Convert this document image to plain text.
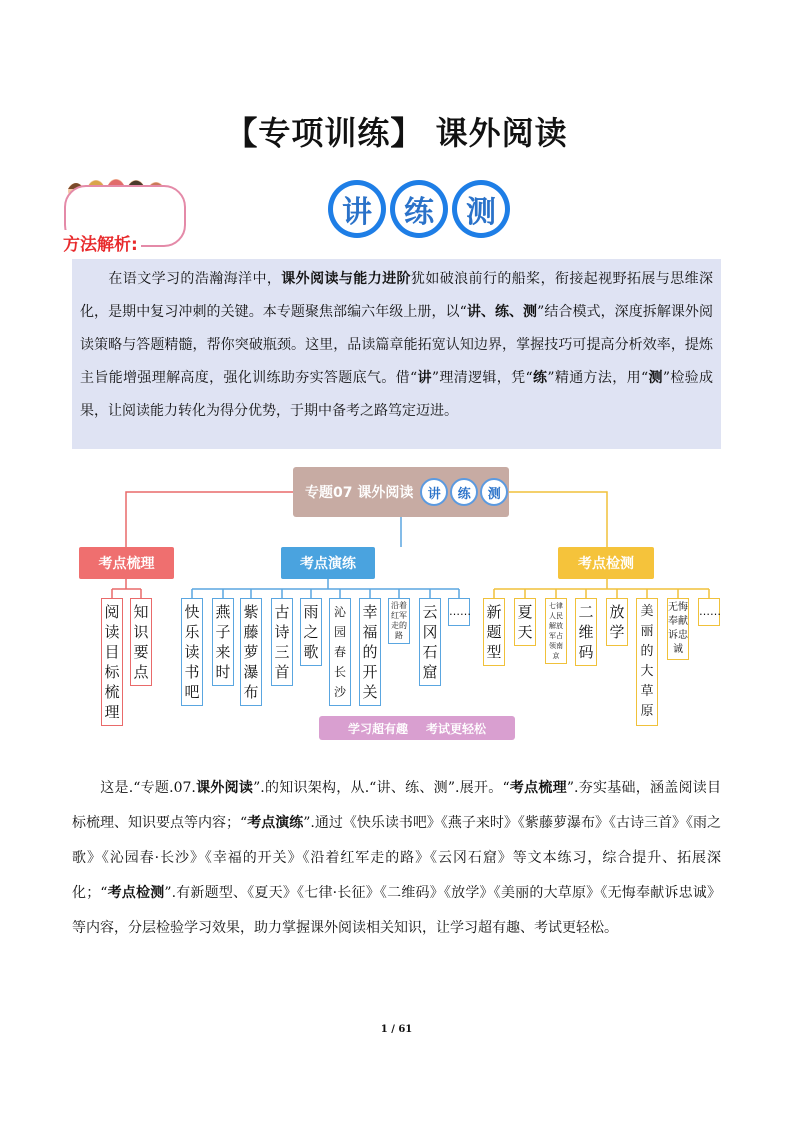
【专项训练】 课外阅读
方法解析:
讲	练	测
  在语文学习的浩瀚海洋中，课外阅读与能力进阶犹如破浪前行的船桨，衔接起视野拓展与思维深化，是期中复习冲刺的关键。本专题聚焦部编六年级上册，以“讲、练、测”结合模式，深度拆解课外阅读策略与答题精髓，帮你突破瓶颈。这里，品读篇章能拓宽认知边界，掌握技巧可提高分析效率，提炼主旨能增强理解高度，强化训练助夯实答题底气。借“讲”理清逻辑，凭“练”精通方法，用“测”检验成果，让阅读能力转化为得分优势，于期中备考之路笃定迈进。
专题07 课外阅读
	讲	练	测
考点梳理	考点演练	考点检测
阅读目标梳理
知识要点
快乐读书吧
燕子来时
紫藤萝瀑布
古诗三首
雨之歌
沁园春长沙
幸福的开关
沿着红军走的路
云冈石窟
…… 新题型
夏天
七律人民解放军占领南京
二维码
放学
美丽的大草原
无悔奉献诉忠诚
……
学习超有趣 考试更轻松
  这是.“专题.07.课外阅读”.的知识架构，从.“讲、练、测”.展开。“考点梳理”.夯实基础，涵盖阅读目标梳理、知识要点等内容；“考点演练”.通过《快乐读书吧》《燕子来时》《紫藤萝瀑布》《古诗三首》《雨之歌》《沁园春·长沙》《幸福的开关》《沿着红军走的路》《云冈石窟》等文本练习，综合提升、拓展深化；“考点检测”.有新题型、《夏天》《七律·长征》《二维码》《放学》《美丽的大草原》《无悔奉献诉忠诚》等内容，分层检验学习效果，助力掌握课外阅读相关知识，让学习超有趣、考试更轻松。
1 / 61
